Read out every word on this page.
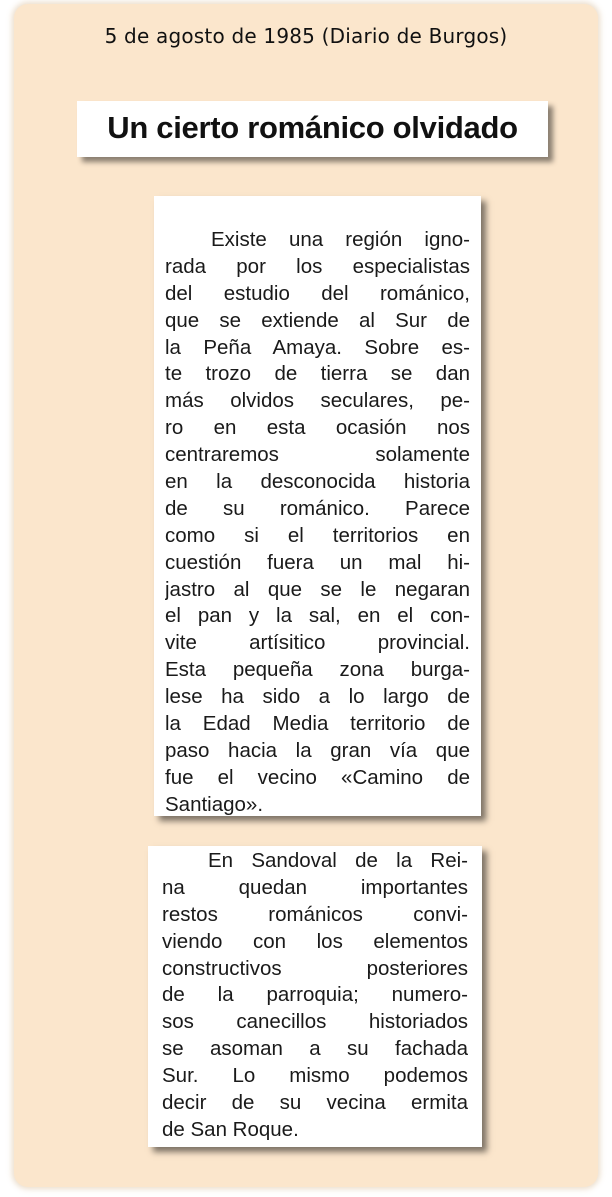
5 de agosto de 1985 (Diario de Burgos)
Un cierto románico olvidado
Existe una región igno-
rada por los especialistas
del estudio del románico,
que se extiende al Sur de
la Peña Amaya. Sobre es-
te trozo de tierra se dan
más olvidos seculares, pe-
ro en esta ocasión nos
centraremos solamente
en la desconocida historia
de su románico. Parece
como si el territorios en
cuestión fuera un mal hi-
jastro al que se le negaran
el pan y la sal, en el con-
vite artísitico provincial.
Esta pequeña zona burga-
lese ha sido a lo largo de
la Edad Media territorio de
paso hacia la gran vía que
fue el vecino «Camino de
Santiago».
En Sandoval de la Rei-
na quedan importantes
restos románicos convi-
viendo con los elementos
constructivos posteriores
de la parroquia; numero-
sos canecillos historiados
se asoman a su fachada
Sur. Lo mismo podemos
decir de su vecina ermita
de San Roque.
